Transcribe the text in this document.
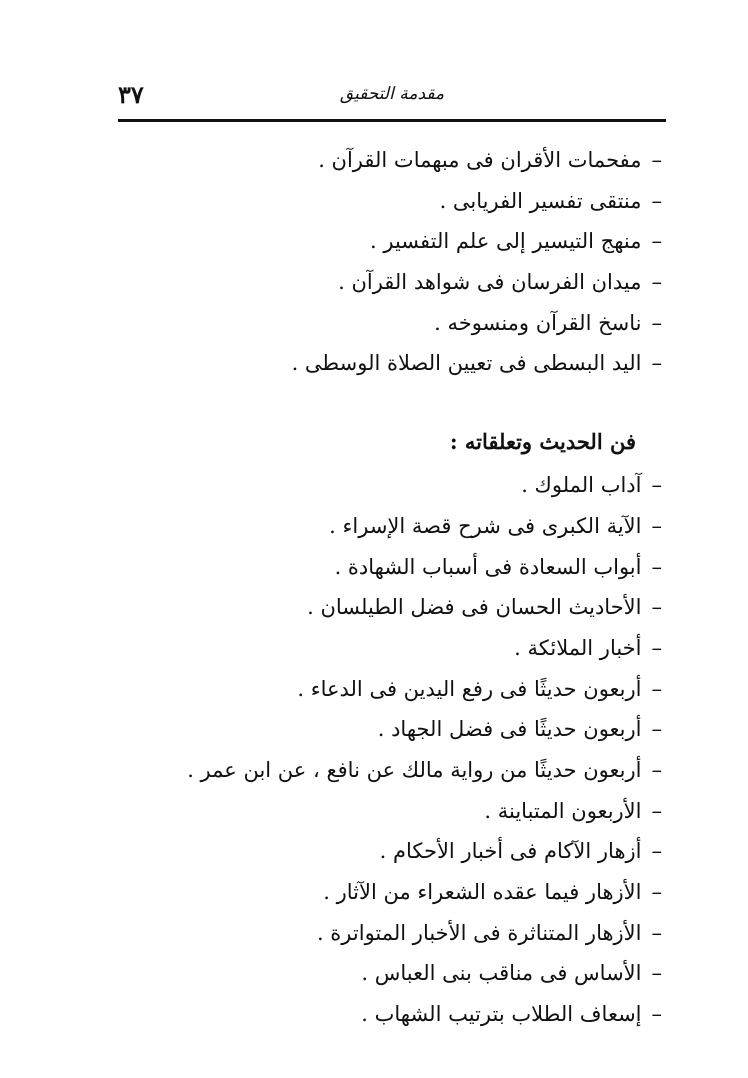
٣٧	مقدمة التحقيق
–مفحمات الأقران فى مبهمات القرآن .
–منتقى تفسير الفريابى .
–منهج التيسير إلى علم التفسير .
–ميدان الفرسان فى شواهد القرآن .
–ناسخ القرآن ومنسوخه .
–اليد البسطى فى تعيين الصلاة الوسطى .
فن الحديث وتعلقاته :
–آداب الملوك .
–الآية الكبرى فى شرح قصة الإسراء .
–أبواب السعادة فى أسباب الشهادة .
–الأحاديث الحسان فى فضل الطيلسان .
–أخبار الملائكة .
–أربعون حديثًا فى رفع اليدين فى الدعاء .
–أربعون حديثًا فى فضل الجهاد .
–أربعون حديثًا من رواية مالك عن نافع ، عن ابن عمر .
–الأربعون المتباينة .
–أزهار الآكام فى أخبار الأحكام .
–الأزهار فيما عقده الشعراء من الآثار .
–الأزهار المتناثرة فى الأخبار المتواترة .
–الأساس فى مناقب بنى العباس .
–إسعاف الطلاب بترتيب الشهاب .
